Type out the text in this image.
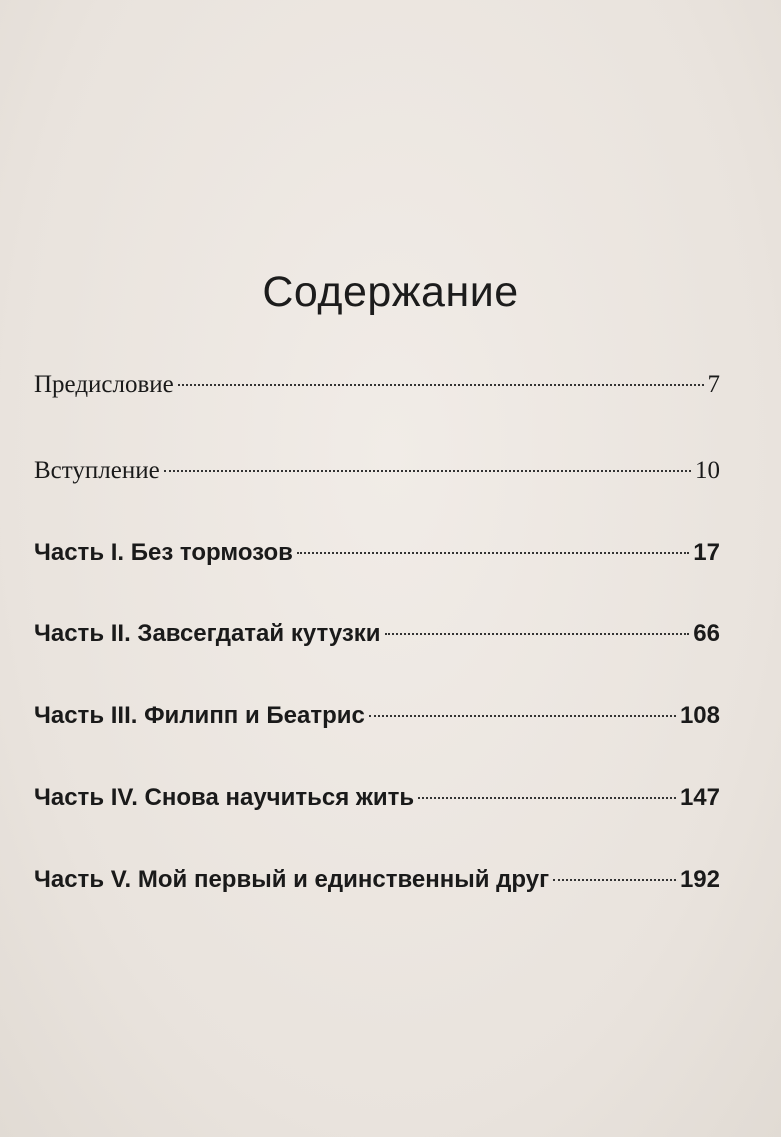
Содержание
Предисловие	7
Вступление	10
Часть I. Без тормозов	17
Часть II. Завсегдатай кутузки	66
Часть III. Филипп и Беатрис	108
Часть IV. Снова научиться жить	147
Часть V. Мой первый и единственный друг	192
